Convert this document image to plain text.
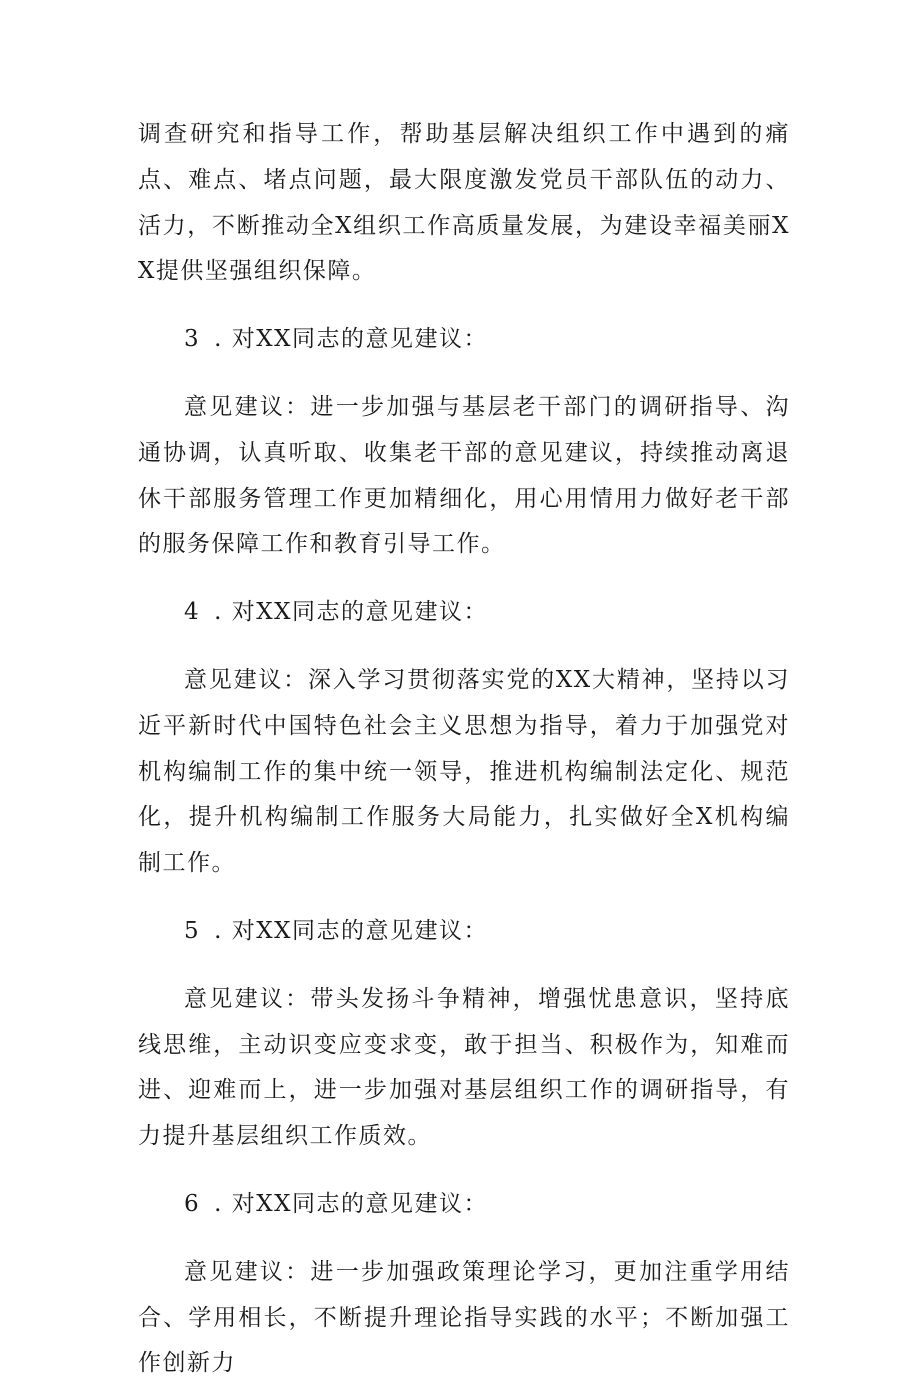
调查研究和指导工作，帮助基层解决组织工作中遇到的痛点、难点、堵点问题，最大限度激发党员干部队伍的动力、活力，不断推动全X组织工作高质量发展，为建设幸福美丽XX提供坚强组织保障。

3 . 对XX同志的意见建议：

意见建议：进一步加强与基层老干部门的调研指导、沟通协调，认真听取、收集老干部的意见建议，持续推动离退休干部服务管理工作更加精细化，用心用情用力做好老干部的服务保障工作和教育引导工作。

4 . 对XX同志的意见建议：

意见建议：深入学习贯彻落实党的XX大精神，坚持以习近平新时代中国特色社会主义思想为指导，着力于加强党对机构编制工作的集中统一领导，推进机构编制法定化、规范化，提升机构编制工作服务大局能力，扎实做好全X机构编制工作。

5 . 对XX同志的意见建议：

意见建议：带头发扬斗争精神，增强忧患意识，坚持底线思维，主动识变应变求变，敢于担当、积极作为，知难而进、迎难而上，进一步加强对基层组织工作的调研指导，有力提升基层组织工作质效。

6 . 对XX同志的意见建议：

意见建议：进一步加强政策理论学习，更加注重学用结合、学用相长，不断提升理论指导实践的水平；不断加强工作创新力
